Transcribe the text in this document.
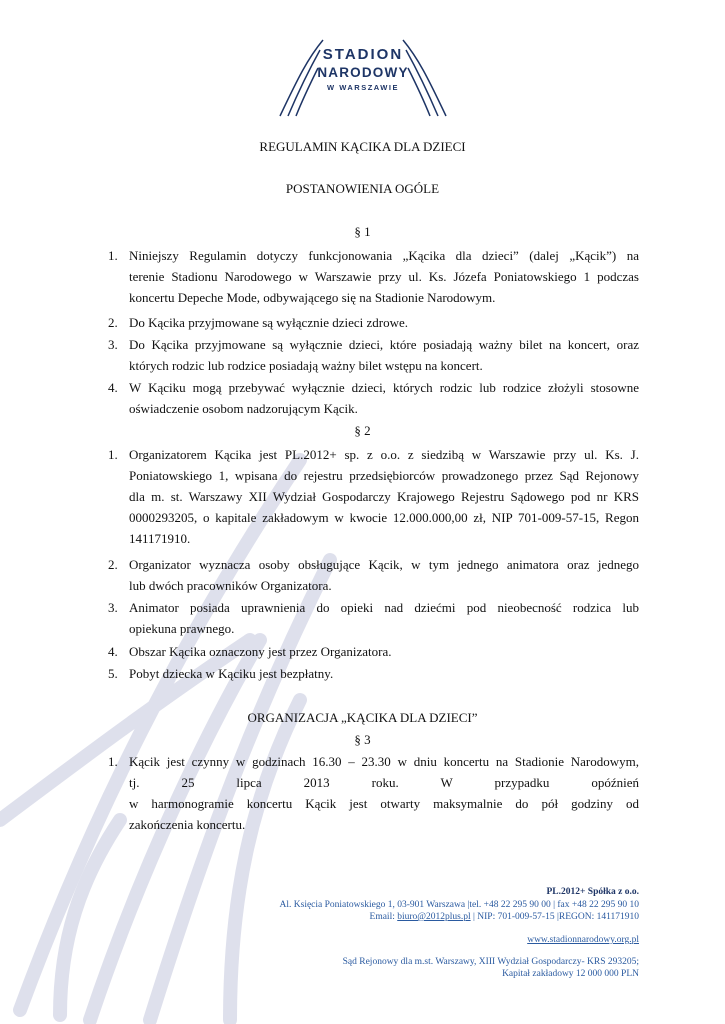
STADION
NARODOWY
W WARSZAWIE
REGULAMIN KĄCIKA DLA DZIECI
POSTANOWIENIA OGÓLE
§ 1
1. Niniejszy Regulamin dotyczy funkcjonowania „Kącika dla dzieci” (dalej „Kącik”) na
terenie Stadionu Narodowego w Warszawie przy ul. Ks. Józefa Poniatowskiego 1 podczas
koncertu Depeche Mode, odbywającego się na Stadionie Narodowym.
2. Do Kącika przyjmowane są wyłącznie dzieci zdrowe.
3. Do Kącika przyjmowane są wyłącznie dzieci, które posiadają ważny bilet na koncert, oraz
których rodzic lub rodzice posiadają ważny bilet wstępu na koncert.
4. W Kąciku mogą przebywać wyłącznie dzieci, których rodzic lub rodzice złożyli stosowne
oświadczenie osobom nadzorującym Kącik.
§ 2
1. Organizatorem Kącika jest PL.2012+ sp. z o.o. z siedzibą w Warszawie przy ul. Ks. J.
Poniatowskiego 1, wpisana do rejestru przedsiębiorców prowadzonego przez Sąd Rejonowy
dla m. st. Warszawy XII Wydział Gospodarczy Krajowego Rejestru Sądowego pod nr KRS
0000293205, o kapitale zakładowym w kwocie 12.000.000,00 zł, NIP 701-009-57-15, Regon
141171910.
2. Organizator wyznacza osoby obsługujące Kącik, w tym jednego animatora oraz jednego
lub dwóch pracowników Organizatora.
3. Animator posiada uprawnienia do opieki nad dziećmi pod nieobecność rodzica lub
opiekuna prawnego.
4. Obszar Kącika oznaczony jest przez Organizatora.
5. Pobyt dziecka w Kąciku jest bezpłatny.
ORGANIZACJA „KĄCIKA DLA DZIECI”
§ 3
1. Kącik jest czynny w godzinach 16.30 – 23.30 w dniu koncertu na Stadionie Narodowym,
tj. 25 lipca 2013 roku. W przypadku opóźnień
w harmonogramie koncertu Kącik jest otwarty maksymalnie do pół godziny od
zakończenia koncertu.
PL.2012+ Spółka z o.o.
Al. Księcia Poniatowskiego 1, 03-901 Warszawa |tel. +48 22 295 90 00 | fax +48 22 295 90 10
Email: biuro@2012plus.pl | NIP: 701-009-57-15 |REGON: 141171910
www.stadionnarodowy.org.pl
Sąd Rejonowy dla m.st. Warszawy, XIII Wydział Gospodarczy- KRS 293205;
Kapitał zakładowy 12 000 000 PLN
